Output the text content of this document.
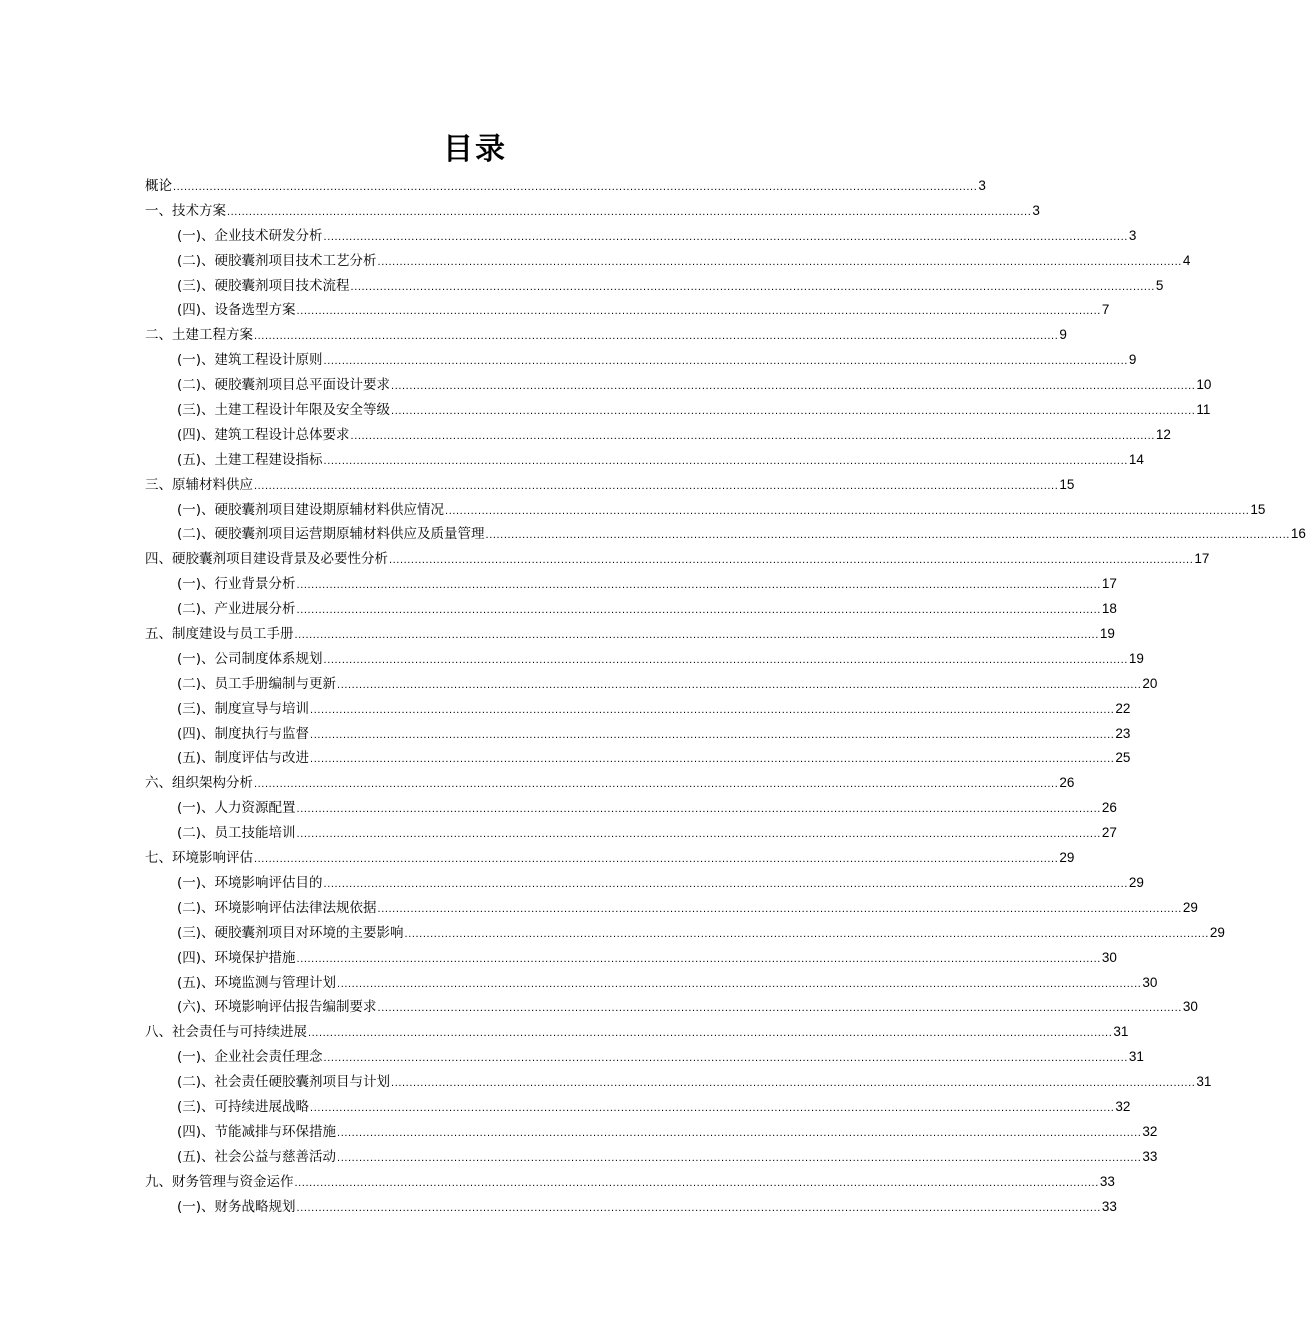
目录
概论 ............................................................................................................................................................................................................................ 3
一、技术方案 ............................................................................................................................................................................................................................ 3
(一)、企业技术研发分析 ............................................................................................................................................................................................................................ 3
(二)、硬胶囊剂项目技术工艺分析 ............................................................................................................................................................................................................................ 4
(三)、硬胶囊剂项目技术流程 ............................................................................................................................................................................................................................ 5
(四)、设备选型方案 ............................................................................................................................................................................................................................ 7
二、土建工程方案 ............................................................................................................................................................................................................................ 9
(一)、建筑工程设计原则 ............................................................................................................................................................................................................................ 9
(二)、硬胶囊剂项目总平面设计要求 ............................................................................................................................................................................................................................ 10
(三)、土建工程设计年限及安全等级 ............................................................................................................................................................................................................................ 11
(四)、建筑工程设计总体要求 ............................................................................................................................................................................................................................ 12
(五)、土建工程建设指标 ............................................................................................................................................................................................................................ 14
三、原辅材料供应 ............................................................................................................................................................................................................................ 15
(一)、硬胶囊剂项目建设期原辅材料供应情况 ............................................................................................................................................................................................................................ 15
(二)、硬胶囊剂项目运营期原辅材料供应及质量管理 ............................................................................................................................................................................................................................ 16
四、硬胶囊剂项目建设背景及必要性分析 ............................................................................................................................................................................................................................ 17
(一)、行业背景分析 ............................................................................................................................................................................................................................ 17
(二)、产业进展分析 ............................................................................................................................................................................................................................ 18
五、制度建设与员工手册 ............................................................................................................................................................................................................................ 19
(一)、公司制度体系规划 ............................................................................................................................................................................................................................ 19
(二)、员工手册编制与更新 ............................................................................................................................................................................................................................ 20
(三)、制度宣导与培训 ............................................................................................................................................................................................................................ 22
(四)、制度执行与监督 ............................................................................................................................................................................................................................ 23
(五)、制度评估与改进 ............................................................................................................................................................................................................................ 25
六、组织架构分析 ............................................................................................................................................................................................................................ 26
(一)、人力资源配置 ............................................................................................................................................................................................................................ 26
(二)、员工技能培训 ............................................................................................................................................................................................................................ 27
七、环境影响评估 ............................................................................................................................................................................................................................ 29
(一)、环境影响评估目的 ............................................................................................................................................................................................................................ 29
(二)、环境影响评估法律法规依据 ............................................................................................................................................................................................................................ 29
(三)、硬胶囊剂项目对环境的主要影响 ............................................................................................................................................................................................................................ 29
(四)、环境保护措施 ............................................................................................................................................................................................................................ 30
(五)、环境监测与管理计划 ............................................................................................................................................................................................................................ 30
(六)、环境影响评估报告编制要求 ............................................................................................................................................................................................................................ 30
八、社会责任与可持续进展 ............................................................................................................................................................................................................................ 31
(一)、企业社会责任理念 ............................................................................................................................................................................................................................ 31
(二)、社会责任硬胶囊剂项目与计划 ............................................................................................................................................................................................................................ 31
(三)、可持续进展战略 ............................................................................................................................................................................................................................ 32
(四)、节能减排与环保措施 ............................................................................................................................................................................................................................ 32
(五)、社会公益与慈善活动 ............................................................................................................................................................................................................................ 33
九、财务管理与资金运作 ............................................................................................................................................................................................................................ 33
(一)、财务战略规划 ............................................................................................................................................................................................................................ 33
